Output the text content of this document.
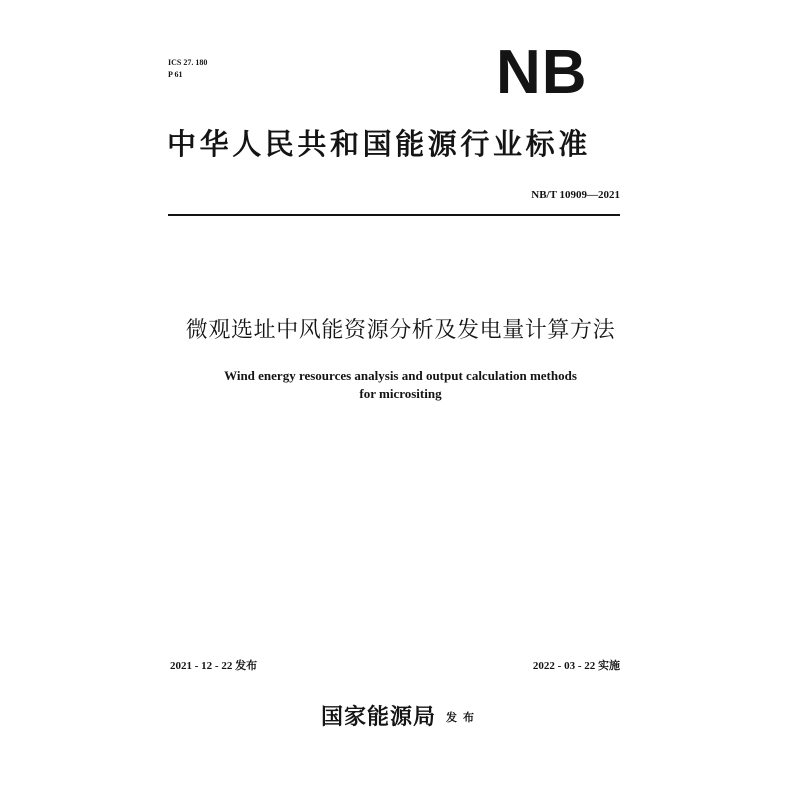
ICS 27. 180
P 61	NB
中华人民共和国能源行业标准
NB/T 10909—2021
微观选址中风能资源分析及发电量计算方法
Wind energy resources analysis and output calculation methods
for micrositing
2021 - 12 - 22 发布	2022 - 03 - 22 实施
国家能源局 发布
